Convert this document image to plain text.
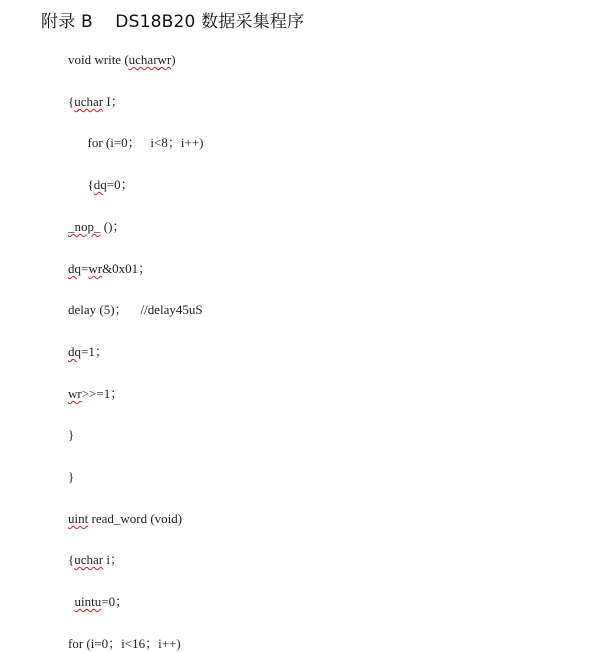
附录 B    DS18B20 数据采集程序
void write (ucharwr)
{uchar I；
for (i=0；   i<8；i++)
{dq=0；
_nop_ ()；
dq=wr&0x01；
delay (5)；    //delay45uS
dq=1；
wr>>=1；
}
}
uint read_word (void)
{uchar i；
uintu=0；
for (i=0；i<16；i++)
